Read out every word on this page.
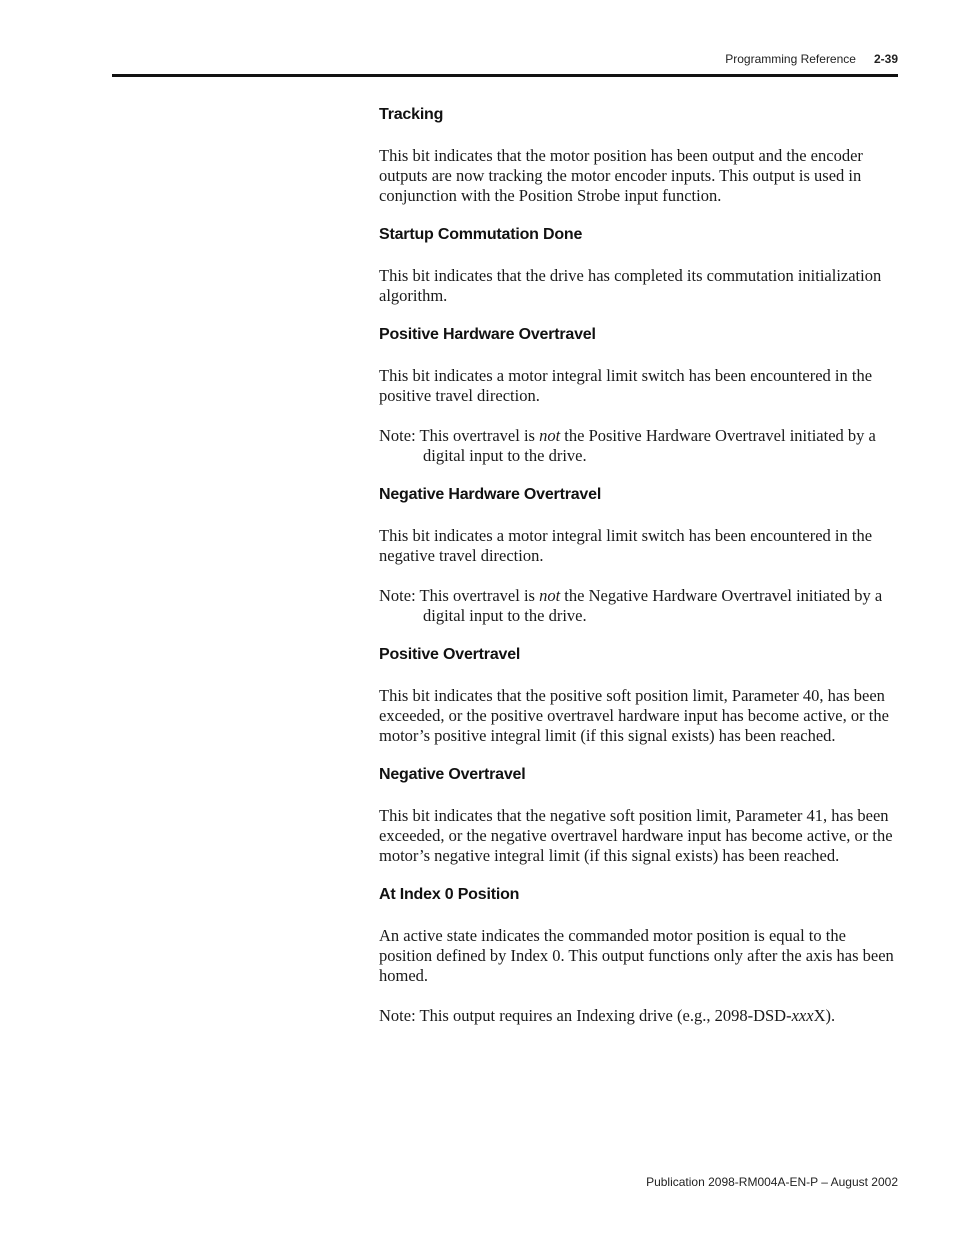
Programming Reference 2-39
Tracking

This bit indicates that the motor position has been output and the encoder outputs are now tracking the motor encoder inputs. This output is used in conjunction with the Position Strobe input function.

Startup Commutation Done

This bit indicates that the drive has completed its commutation initialization algorithm.

Positive Hardware Overtravel

This bit indicates a motor integral limit switch has been encountered in the positive travel direction.

Note: This overtravel is not the Positive Hardware Overtravel initiated by a digital input to the drive.
Negative Hardware Overtravel

This bit indicates a motor integral limit switch has been encountered in the negative travel direction.

Note: This overtravel is not the Negative Hardware Overtravel initiated by a digital input to the drive.
Positive Overtravel

This bit indicates that the positive soft position limit, Parameter 40, has been exceeded, or the positive overtravel hardware input has become active, or the motor’s positive integral limit (if this signal exists) has been reached.

Negative Overtravel

This bit indicates that the negative soft position limit, Parameter 41, has been exceeded, or the negative overtravel hardware input has become active, or the motor’s negative integral limit (if this signal exists) has been reached.

At Index 0 Position

An active state indicates the commanded motor position is equal to the position defined by Index 0. This output functions only after the axis has been homed.

Note: This output requires an Indexing drive (e.g., 2098-DSD-xxxX).
Publication 2098-RM004A-EN-P – August 2002
